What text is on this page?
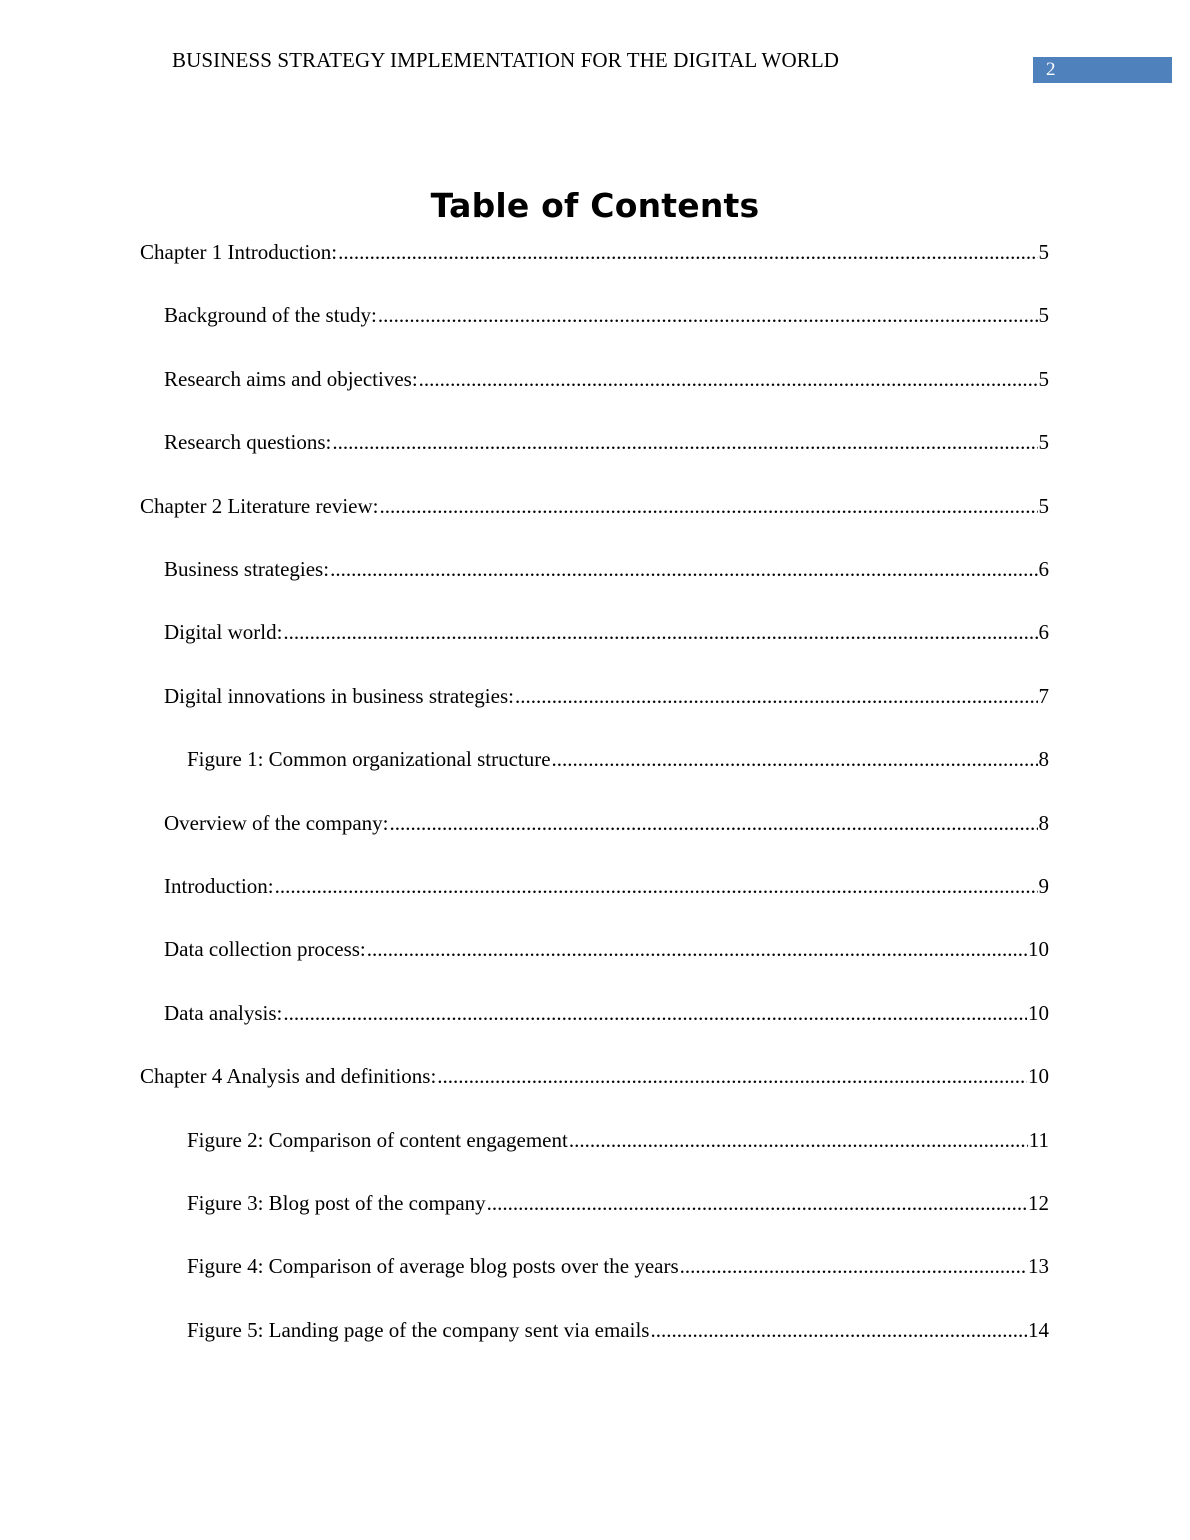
BUSINESS STRATEGY IMPLEMENTATION FOR THE DIGITAL WORLD	2
Table of Contents
Chapter 1 Introduction: .....	5
Background of the study: .....	5
Research aims and objectives: .....	5
Research questions: .....	5
Chapter 2 Literature review: .....	5
Business strategies: .....	6
Digital world: .....	6
Digital innovations in business strategies: .....	7
Figure 1: Common organizational structure .....	8
Overview of the company: .....	8
Introduction: .....	9
Data collection process: .....	10
Data analysis: .....	10
Chapter 4 Analysis and definitions: .....	10
Figure 2: Comparison of content engagement .....	11
Figure 3: Blog post of the company .....	12
Figure 4: Comparison of average blog posts over the years .....	13
Figure 5: Landing page of the company sent via emails .....	14
